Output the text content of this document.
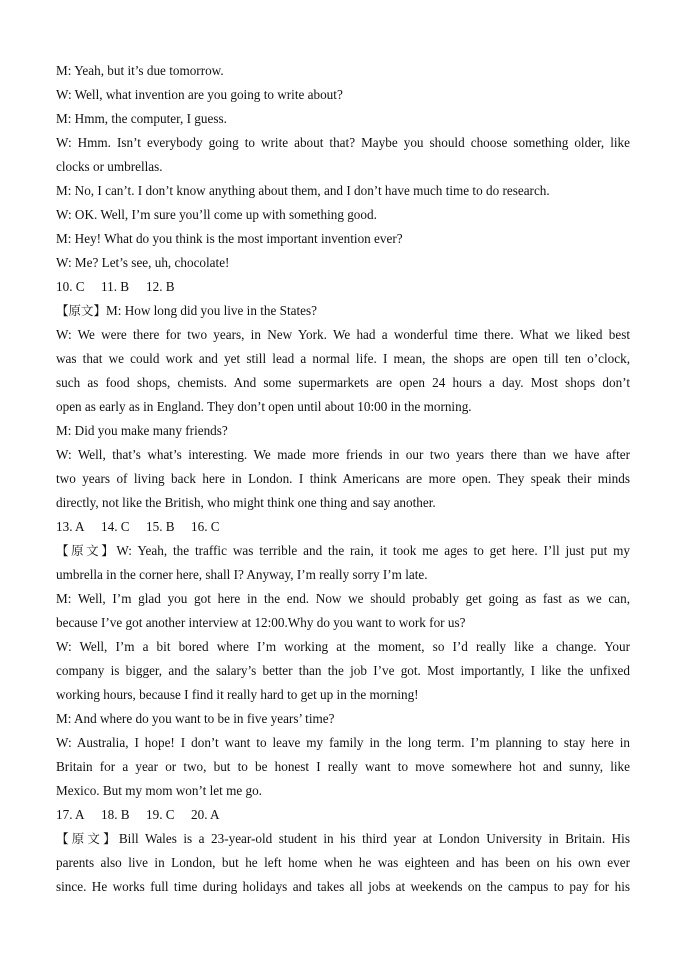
M: Yeah, but it’s due tomorrow.
W: Well, what invention are you going to write about?
M: Hmm, the computer, I guess.
W: Hmm. Isn’t everybody going to write about that? Maybe you should choose something older, like
clocks or umbrellas.
M: No, I can’t. I don’t know anything about them, and I don’t have much time to do research.
W: OK. Well, I’m sure you’ll come up with something good.
M: Hey! What do you think is the most important invention ever?
W: Me? Let’s see, uh, chocolate!
10. C 11. B 12. B
【原文】M: How long did you live in the States?
W: We were there for two years, in New York. We had a wonderful time there. What we liked best
was that we could work and yet still lead a normal life. I mean, the shops are open till ten o’clock,
such as food shops, chemists. And some supermarkets are open 24 hours a day. Most shops don’t
open as early as in England. They don’t open until about 10:00 in the morning.
M: Did you make many friends?
W: Well, that’s what’s interesting. We made more friends in our two years there than we have after
two years of living back here in London. I think Americans are more open. They speak their minds
directly, not like the British, who might think one thing and say another.
13. A 14. C 15. B 16. C
【原文】W: Yeah, the traffic was terrible and the rain, it took me ages to get here. I’ll just put my
umbrella in the corner here, shall I? Anyway, I’m really sorry I’m late.
M: Well, I’m glad you got here in the end. Now we should probably get going as fast as we can,
because I’ve got another interview at 12:00.Why do you want to work for us?
W: Well, I’m a bit bored where I’m working at the moment, so I’d really like a change. Your
company is bigger, and the salary’s better than the job I’ve got. Most importantly, I like the unfixed
working hours, because I find it really hard to get up in the morning!
M: And where do you want to be in five years’ time?
W: Australia, I hope! I don’t want to leave my family in the long term. I’m planning to stay here in
Britain for a year or two, but to be honest I really want to move somewhere hot and sunny, like
Mexico. But my mom won’t let me go.
17. A 18. B 19. C 20. A
【原文】Bill Wales is a 23-year-old student in his third year at London University in Britain. His
parents also live in London, but he left home when he was eighteen and has been on his own ever
since. He works full time during holidays and takes all jobs at weekends on the campus to pay for his
